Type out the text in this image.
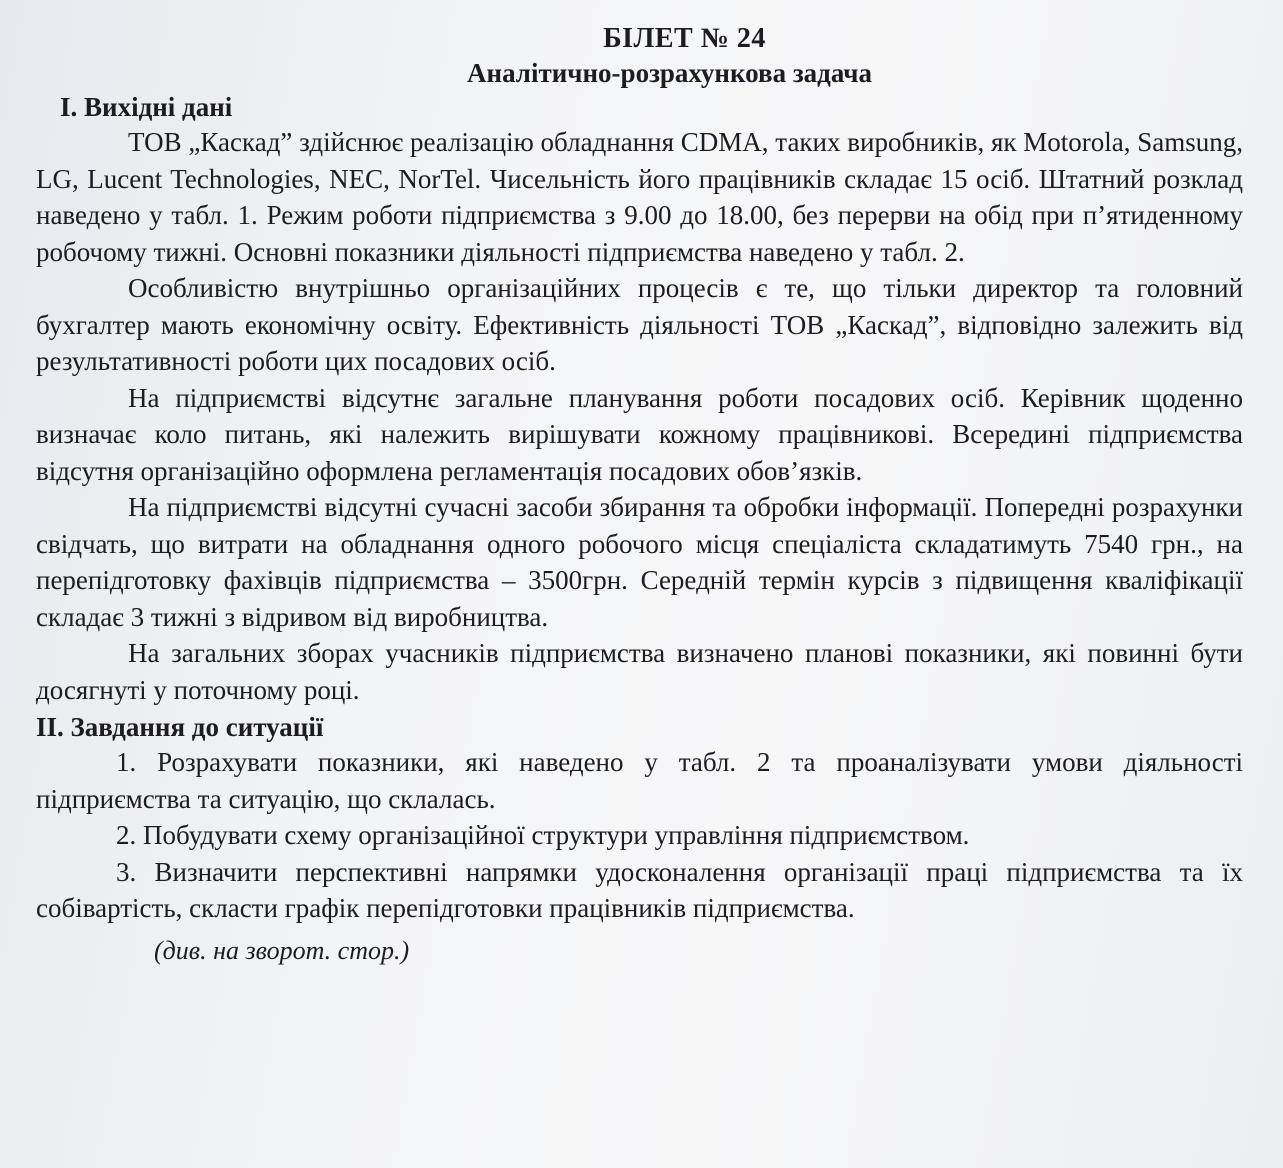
БІЛЕТ № 24
Аналітично-розрахункова задача
І. Вихідні дані

ТОВ „Каскад” здійснює реалізацію обладнання CDMA, таких виробників, як Motorola, Samsung, LG, Lucent Technologies, NEC, NorTel. Чисельність його працівників складає 15 осіб. Штатний розклад наведено у табл. 1. Режим роботи підприємства з 9.00 до 18.00, без перерви на обід при п’ятиденному робочому тижні. Основні показники діяльності підприємства наведено у табл. 2.

Особливістю внутрішньо організаційних процесів є те, що тільки директор та головний бухгалтер мають економічну освіту. Ефективність діяльності ТОВ „Каскад”, відповідно залежить від результативності роботи цих посадових осіб.

На підприємстві відсутнє загальне планування роботи посадових осіб. Керівник щоденно визначає коло питань, які належить вирішувати кожному працівникові. Всередині підприємства відсутня організаційно оформлена регламентація посадових обов’язків.

На підприємстві відсутні сучасні засоби збирання та обробки інформації. Попередні розрахунки свідчать, що витрати на обладнання одного робочого місця спеціаліста складатимуть 7540 грн., на перепідготовку фахівців підприємства – 3500грн. Середній термін курсів з підвищення кваліфікації складає 3 тижні з відривом від виробництва.

На загальних зборах учасників підприємства визначено планові показники, які повинні бути досягнуті у поточному році.

ІІ. Завдання до ситуації

1. Розрахувати показники, які наведено у табл. 2 та проаналізувати умови діяльності підприємства та ситуацію, що склалась.

2. Побудувати схему організаційної структури управління підприємством.

3. Визначити перспективні напрямки удосконалення організації праці підприємства та їх собівартість, скласти графік перепідготовки працівників підприємства.

(див. на зворот. стор.)
